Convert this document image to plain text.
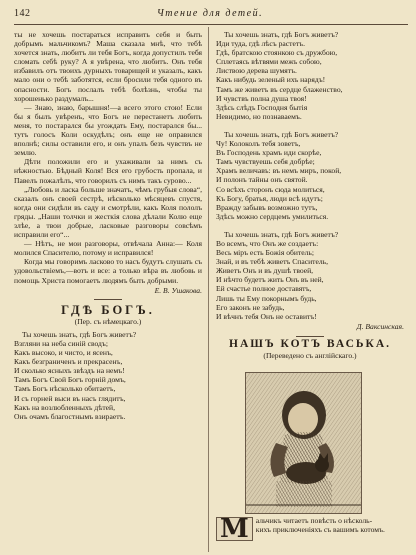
142	Чтение для детей.

ты не хочешь постараться исправить себя и быть добрымъ мальчикомъ? Маша сказала мнѣ, что тебѣ хочется знать, любитъ ли тебя Богъ, когда допустилъ тебя сломать себѣ руку? А я увѣрена, что любитъ. Онъ тебя избавилъ отъ твоихъ дурныхъ товарищей и указалъ, какъ мало они о тебѣ заботятся, если бросили тебя одного въ опасности. Богъ послалъ тебѣ болѣзнь, чтобы ты хорошенько раздумалъ...

— Знаю, знаю, барышня!—а всего этого стою! Если бы я былъ увѣренъ, что Богъ не перестанетъ любить меня, то постарался бы угождать Ему, постарался бы... тутъ голосъ Коли оскудѣлъ; онъ еще не оправился вполнѣ; силы оставили его, и онъ упалъ безъ чувствъ не землю.

Дѣти положили его и ухаживали за нимъ съ нѣжностью. Бѣдный Коля! Вся его грубость пропала, и Павелъ пожалѣлъ, что говорилъ съ нимъ такъ сурово...

„Любовь и ласка больше значатъ, чѣмъ грубыя слова“, сказалъ онъ своей сестрѣ, нѣсколько мѣсяцевъ спустя, когда они сидѣли въ саду и смотрѣли, какъ Коля пололъ гряды. „Наши толчки и жесткія слова дѣлали Колю еще злѣе, а твои добрые, ласковые разговоры совсѣмъ исправили его“...

— Нѣтъ, не мои разговоры, отвѣчала Анна:— Коля молился Спасителю, потому и исправился!

Когда мы говоримъ ласково то насъ будутъ слушать съ удовольствіемъ,—вотъ и все: а только вѣра въ любовь и помощь Христа помогаетъ людямъ быть добрыми.

Е. В. Ушакова.
ГДѢ БОГЪ.
(Пер. съ нѣмецкаго.)
Ты хочешь знать, гдѣ Богъ живетъ?
Взгляни на неба синій сводъ;
Какъ высоко, и чисто, и ясенъ,
Какъ безграниченъ и прекрасенъ,
И сколько ясныхъ звѣздъ на немъ!
Тамъ Богъ Свой Богъ горній домъ,
Тамъ Богъ нѣсколько обитаетъ,
И съ горней выси въ насъ глядитъ,
Какъ на возлюбленныхъ дѣтей,
Онъ очамъ благостнымъ взираетъ.
Ты хочешь знать, гдѣ Богъ живетъ?
Иди туда, гдѣ лѣсъ растетъ.
Гдѣ, братскою стоянкою съ дружбою,
Сплетаясь вѣтвями межъ собою,
Листвою дерева шумятъ.
Какъ нибудь зеленый ихъ нарядъ!
Тамъ же живетъ въ сердце блаженство,
И чувствъ полна душа твоя!
Здѣсь слѣдъ Господня бытія
Невидимо, но познаваемъ.
Ты хочешь знать, гдѣ Богъ живетъ?
Чу! Колоколъ тебя зоветъ,
Въ Господень храмъ иди скорѣе,
Тамъ чувствуешь себя добрѣе;
Храмъ величавъ: въ немъ миръ, покой,
И полонъ тайны онъ святой.
Со всѣхъ сторонъ сюда молиться,
Къ Богу, братья, люди всѣ идутъ;
Вражду забывъ возможно тутъ,
Здѣсь можно сердцемъ умилиться.
Ты хочешь знать, гдѣ Богъ живетъ?
Во всемъ, что Онъ же создаетъ:
Весь міръ есть Божія обитель;
Знай, и въ тебѣ живетъ Спаситель,
Живетъ Онъ и въ душѣ твоей,
И нѣчто будетъ жить Онъ въ ней,
Ей счастье полное доставятъ,
Лишь ты Ему покорнымъ будь,
Его законъ не забудь,
И вѣчнъ тебя Онъ не оставитъ!
Д. Ваксинская.
НАШЪ КОТЪ ВАСЬКА.
(Переведено съ англійскаго.)
М альчикъ читаетъ повѣсть о нѣсколь-
кихъ приключеніяхъ съ вашимъ котомъ.
